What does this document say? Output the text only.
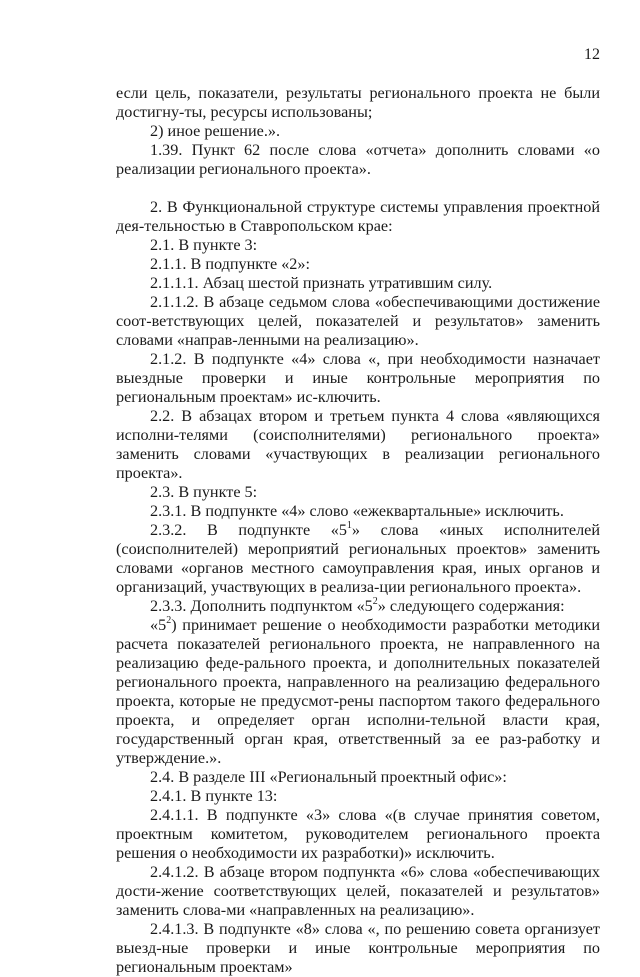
12

если цель, показатели, результаты регионального проекта не были достигну-ты, ресурсы использованы;

2) иное решение.».

1.39. Пункт 62 после слова «отчета» дополнить словами «о реализации регионального проекта».

2. В Функциональной структуре системы управления проектной дея-тельностью в Ставропольском крае:

2.1. В пункте 3:

2.1.1. В подпункте «2»:

2.1.1.1. Абзац шестой признать утратившим силу.

2.1.1.2. В абзаце седьмом слова «обеспечивающими достижение соот-ветствующих целей, показателей и результатов» заменить словами «направ-ленными на реализацию».

2.1.2. В подпункте «4» слова «, при необходимости назначает выездные проверки и иные контрольные мероприятия по региональным проектам» ис-ключить.

2.2. В абзацах втором и третьем пункта 4 слова «являющихся исполни-телями (соисполнителями) регионального проекта» заменить словами «участвующих в реализации регионального проекта».

2.3. В пункте 5:

2.3.1. В подпункте «4» слово «ежеквартальные» исключить.

2.3.2. В подпункте «$5^1$» слова «иных исполнителей (соисполнителей) мероприятий региональных проектов» заменить словами «органов местного самоуправления края, иных органов и организаций, участвующих в реализа-ции регионального проекта».

2.3.3. Дополнить подпунктом «$5^2$» следующего содержания:

«$5^2$) принимает решение о необходимости разработки методики расчета показателей регионального проекта, не направленного на реализацию феде-рального проекта, и дополнительных показателей регионального проекта, направленного на реализацию федерального проекта, которые не предусмот-рены паспортом такого федерального проекта, и определяет орган исполни-тельной власти края, государственный орган края, ответственный за ее раз-работку и утверждение.».

2.4. В разделе III «Региональный проектный офис»:

2.4.1. В пункте 13:

2.4.1.1. В подпункте «3» слова «(в случае принятия советом, проектным комитетом, руководителем регионального проекта решения о необходимости их разработки)» исключить.

2.4.1.2. В абзаце втором подпункта «6» слова «обеспечивающих дости-жение соответствующих целей, показателей и результатов» заменить слова-ми «направленных на реализацию».

2.4.1.3. В подпункте «8» слова «, по решению совета организует выезд-ные проверки и иные контрольные мероприятия по региональным проектам»
